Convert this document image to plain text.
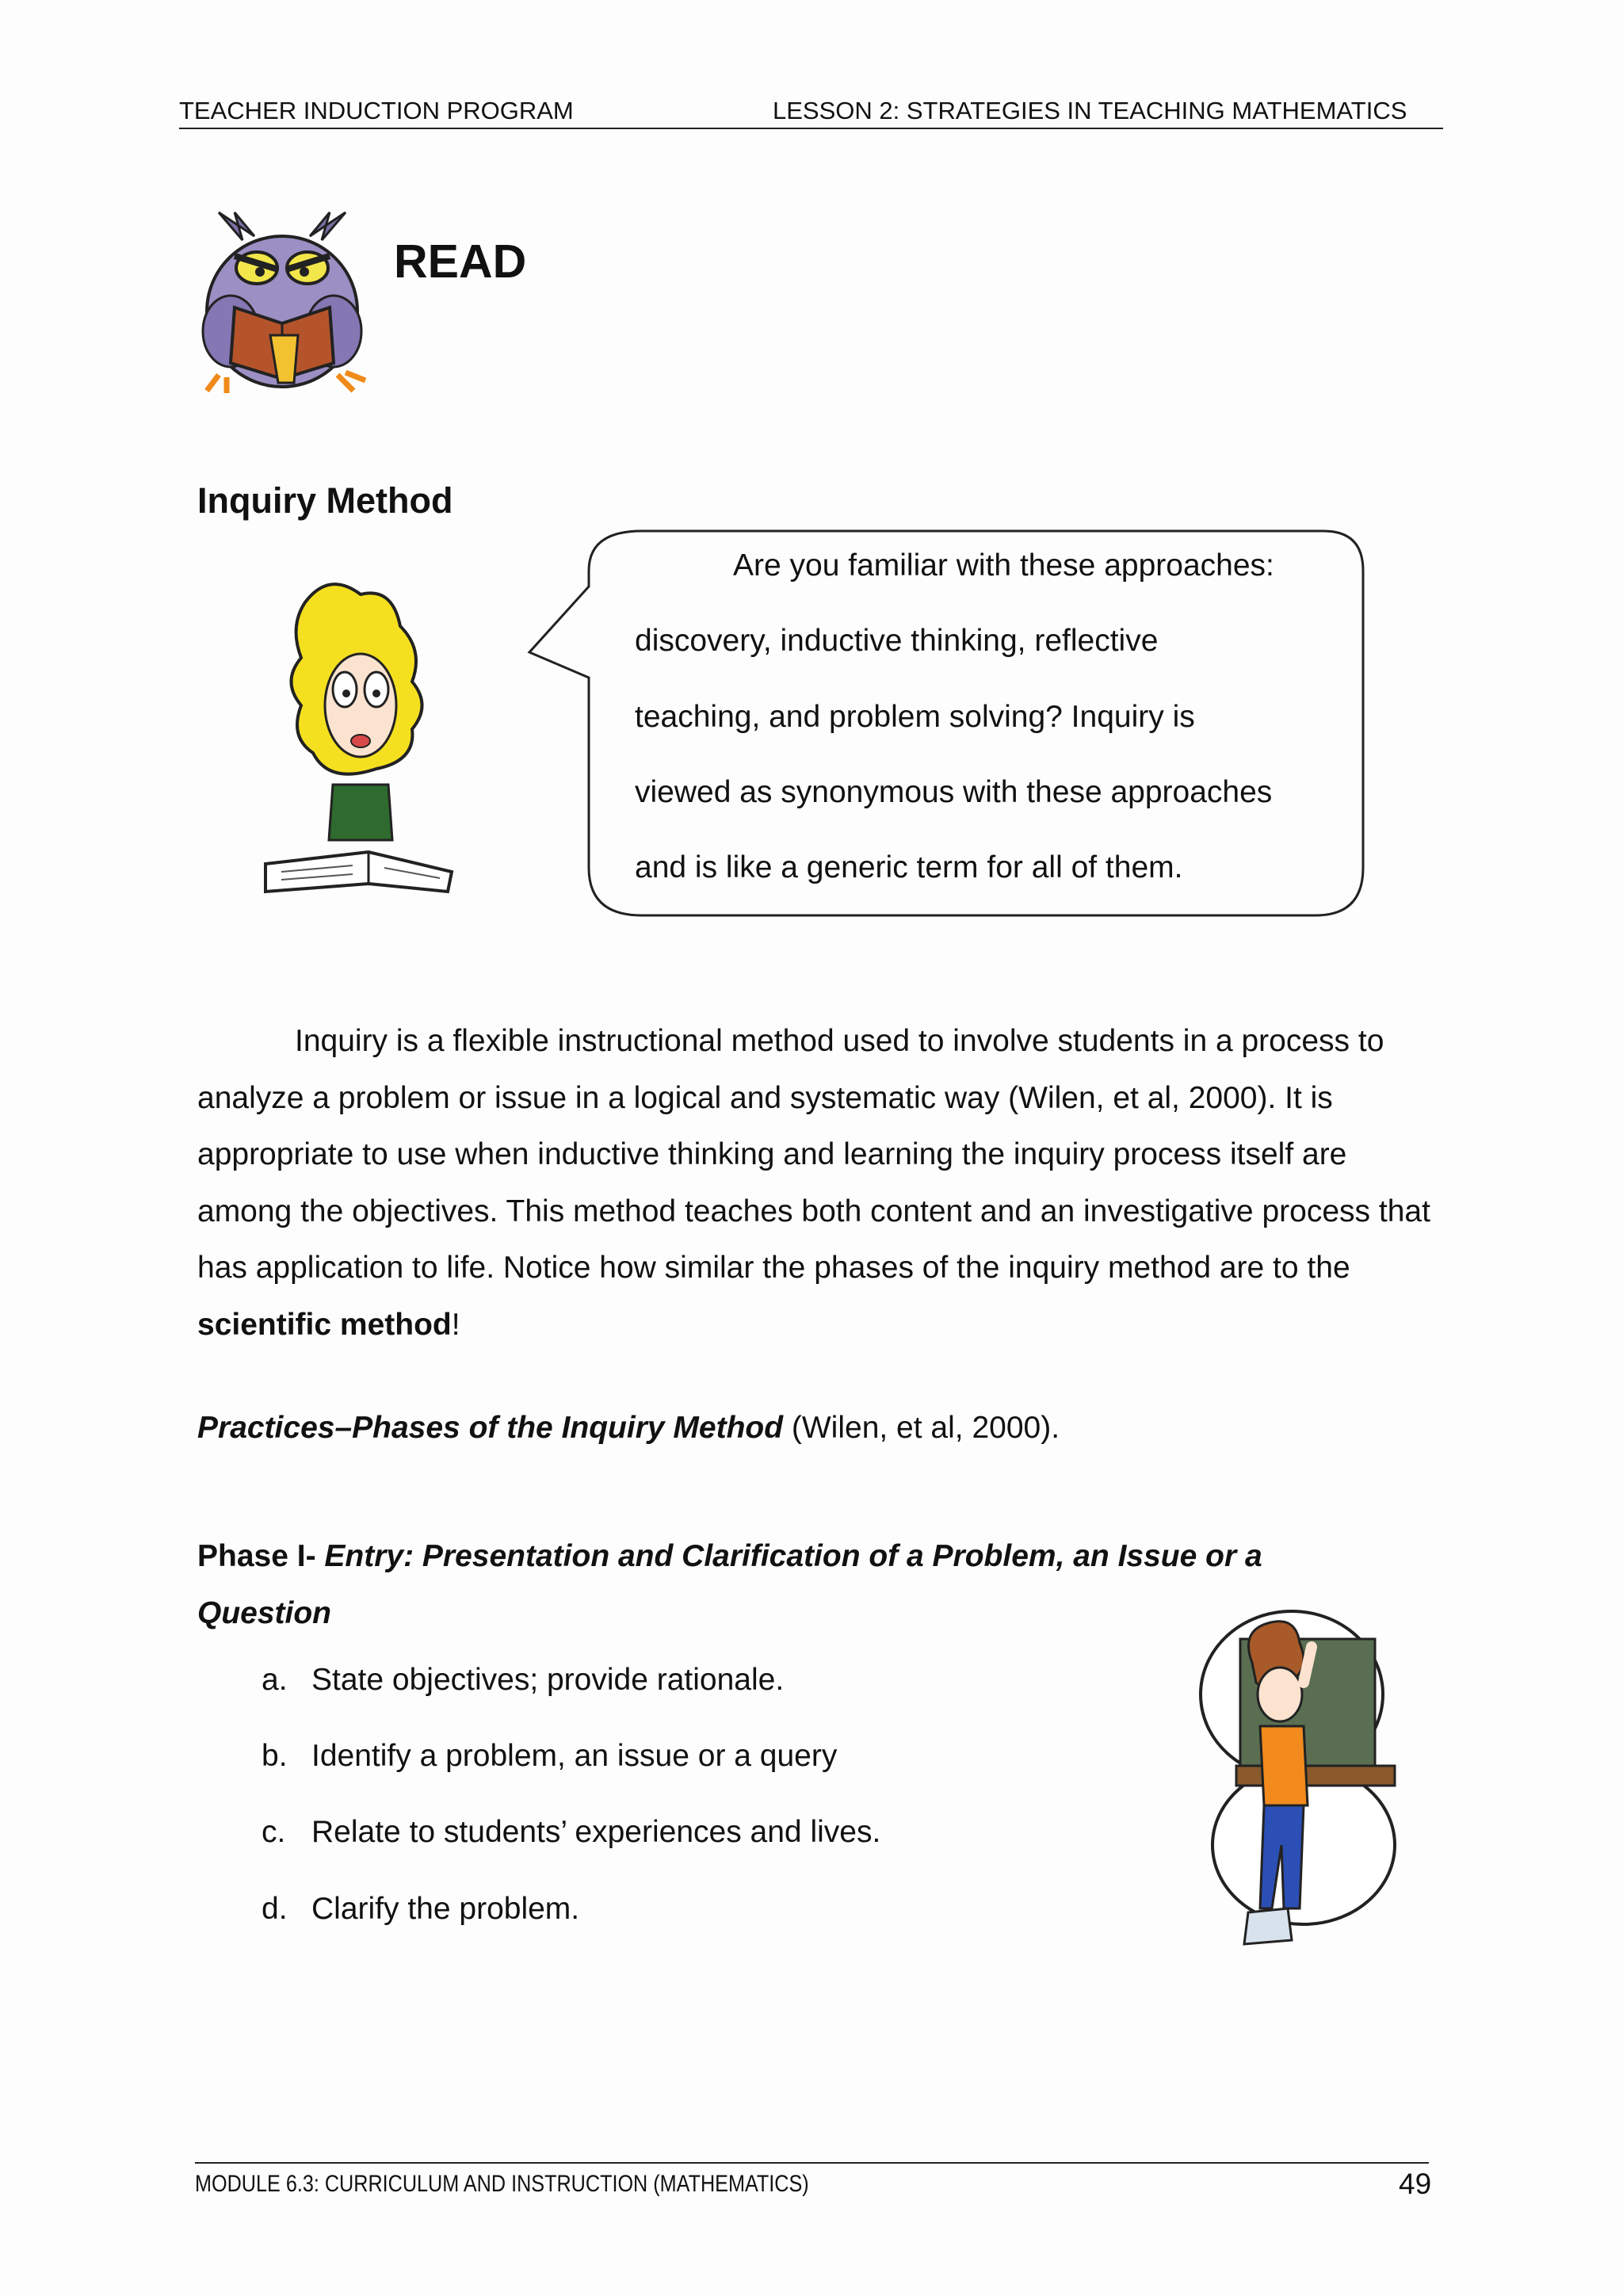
TEACHER INDUCTION PROGRAM	LESSON 2: STRATEGIES IN TEACHING MATHEMATICS
READ
Inquiry Method
Are you familiar with these approaches:
discovery, inductive thinking, reflective
teaching, and problem solving? Inquiry is
viewed as synonymous with these approaches
and is like a generic term for all of them.

Inquiry is a flexible instructional method used to involve students in a process to analyze a problem or issue in a logical and systematic way (Wilen, et al, 2000). It is appropriate to use when inductive thinking and learning the inquiry process itself are among the objectives. This method teaches both content and an investigative process that has application to life. Notice how similar the phases of the inquiry method are to the scientific method!

Practices–Phases of the Inquiry Method (Wilen, et al, 2000).
Phase I- Entry: Presentation and Clarification of a Problem, an Issue or a Question
a. State objectives; provide rationale.
b. Identify a problem, an issue or a query
c. Relate to students’ experiences and lives.
d. Clarify the problem.
MODULE 6.3: CURRICULUM AND INSTRUCTION (MATHEMATICS)	49
